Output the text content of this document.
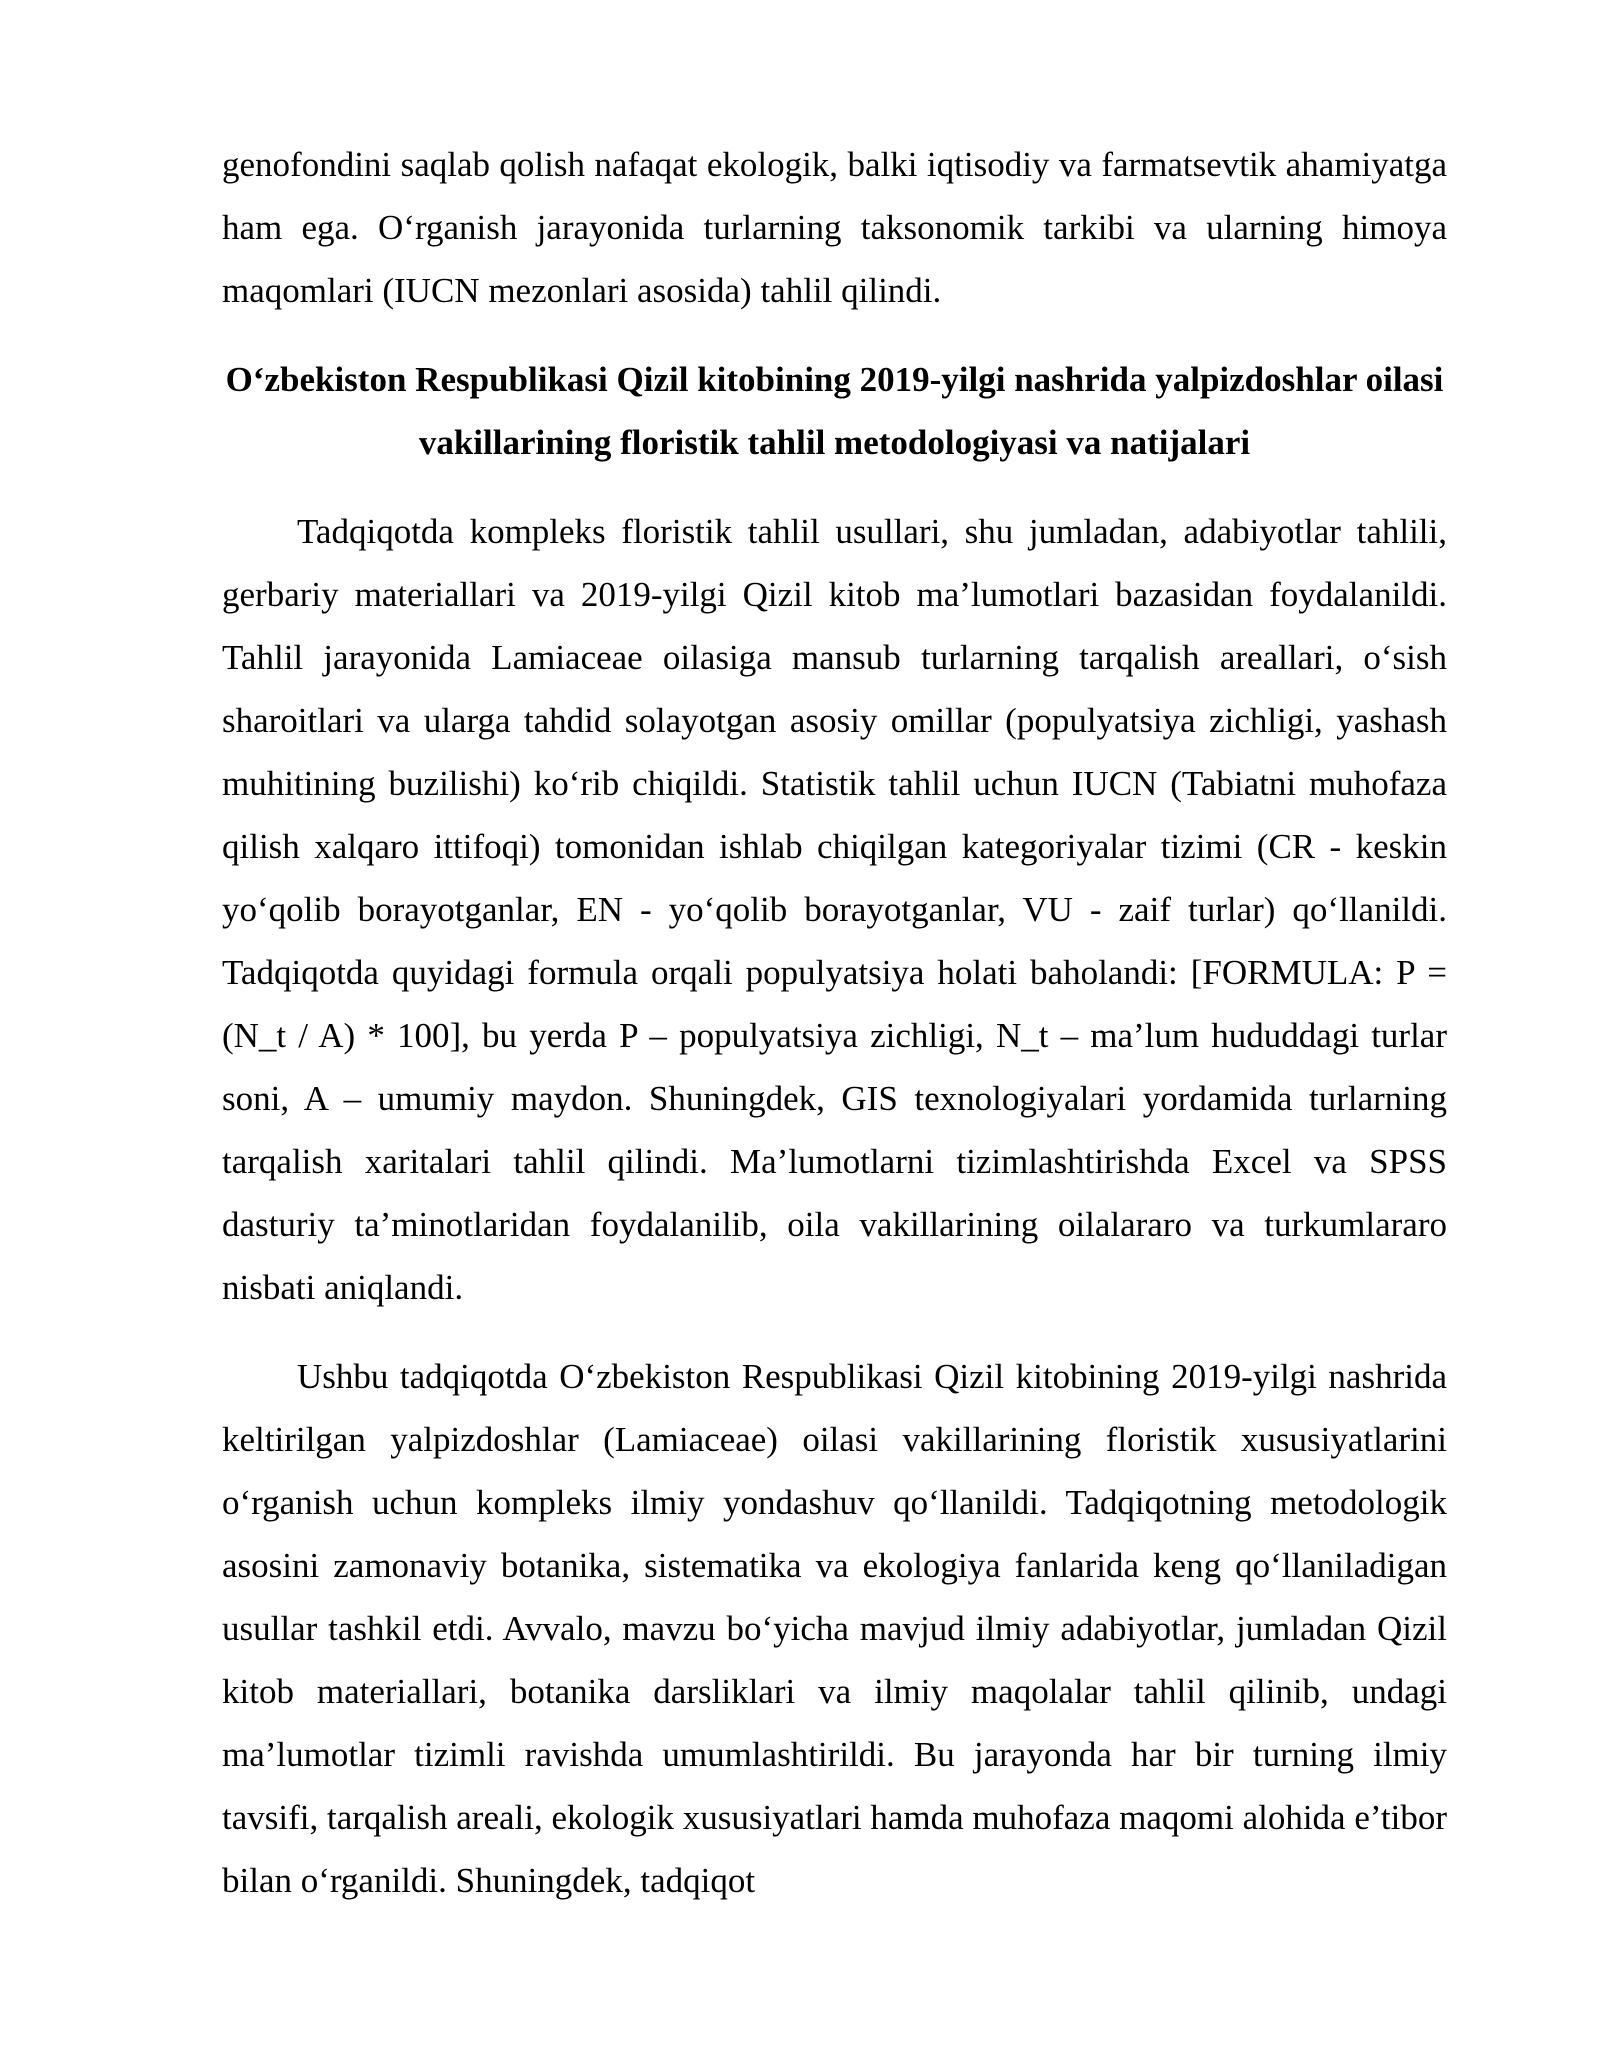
genofondini saqlab qolish nafaqat ekologik, balki iqtisodiy va farmatsevtik ahamiyatga ham ega. O‘rganish jarayonida turlarning taksonomik tarkibi va ularning himoya maqomlari (IUCN mezonlari asosida) tahlil qilindi.

O‘zbekiston Respublikasi Qizil kitobining 2019-yilgi nashrida yalpizdoshlar oilasi vakillarining floristik tahlil metodologiyasi va natijalari

Tadqiqotda kompleks floristik tahlil usullari, shu jumladan, adabiyotlar tahlili, gerbariy materiallari va 2019-yilgi Qizil kitob ma’lumotlari bazasidan foydalanildi. Tahlil jarayonida Lamiaceae oilasiga mansub turlarning tarqalish areallari, o‘sish sharoitlari va ularga tahdid solayotgan asosiy omillar (populyatsiya zichligi, yashash muhitining buzilishi) ko‘rib chiqildi. Statistik tahlil uchun IUCN (Tabiatni muhofaza qilish xalqaro ittifoqi) tomonidan ishlab chiqilgan kategoriyalar tizimi (CR - keskin yo‘qolib borayotganlar, EN - yo‘qolib borayotganlar, VU - zaif turlar) qo‘llanildi. Tadqiqotda quyidagi formula orqali populyatsiya holati baholandi: [FORMULA: P = (N_t / A) * 100], bu yerda P – populyatsiya zichligi, N_t – ma’lum hududdagi turlar soni, A – umumiy maydon. Shuningdek, GIS texnologiyalari yordamida turlarning tarqalish xaritalari tahlil qilindi. Ma’lumotlarni tizimlashtirishda Excel va SPSS dasturiy ta’minotlaridan foydalanilib, oila vakillarining oilalararo va turkumlararo nisbati aniqlandi.

Ushbu tadqiqotda O‘zbekiston Respublikasi Qizil kitobining 2019-yilgi nashrida keltirilgan yalpizdoshlar (Lamiaceae) oilasi vakillarining floristik xususiyatlarini o‘rganish uchun kompleks ilmiy yondashuv qo‘llanildi. Tadqiqotning metodologik asosini zamonaviy botanika, sistematika va ekologiya fanlarida keng qo‘llaniladigan usullar tashkil etdi. Avvalo, mavzu bo‘yicha mavjud ilmiy adabiyotlar, jumladan Qizil kitob materiallari, botanika darsliklari va ilmiy maqolalar tahlil qilinib, undagi ma’lumotlar tizimli ravishda umumlashtirildi. Bu jarayonda har bir turning ilmiy tavsifi, tarqalish areali, ekologik xususiyatlari hamda muhofaza maqomi alohida e’tibor bilan o‘rganildi. Shuningdek, tadqiqot
